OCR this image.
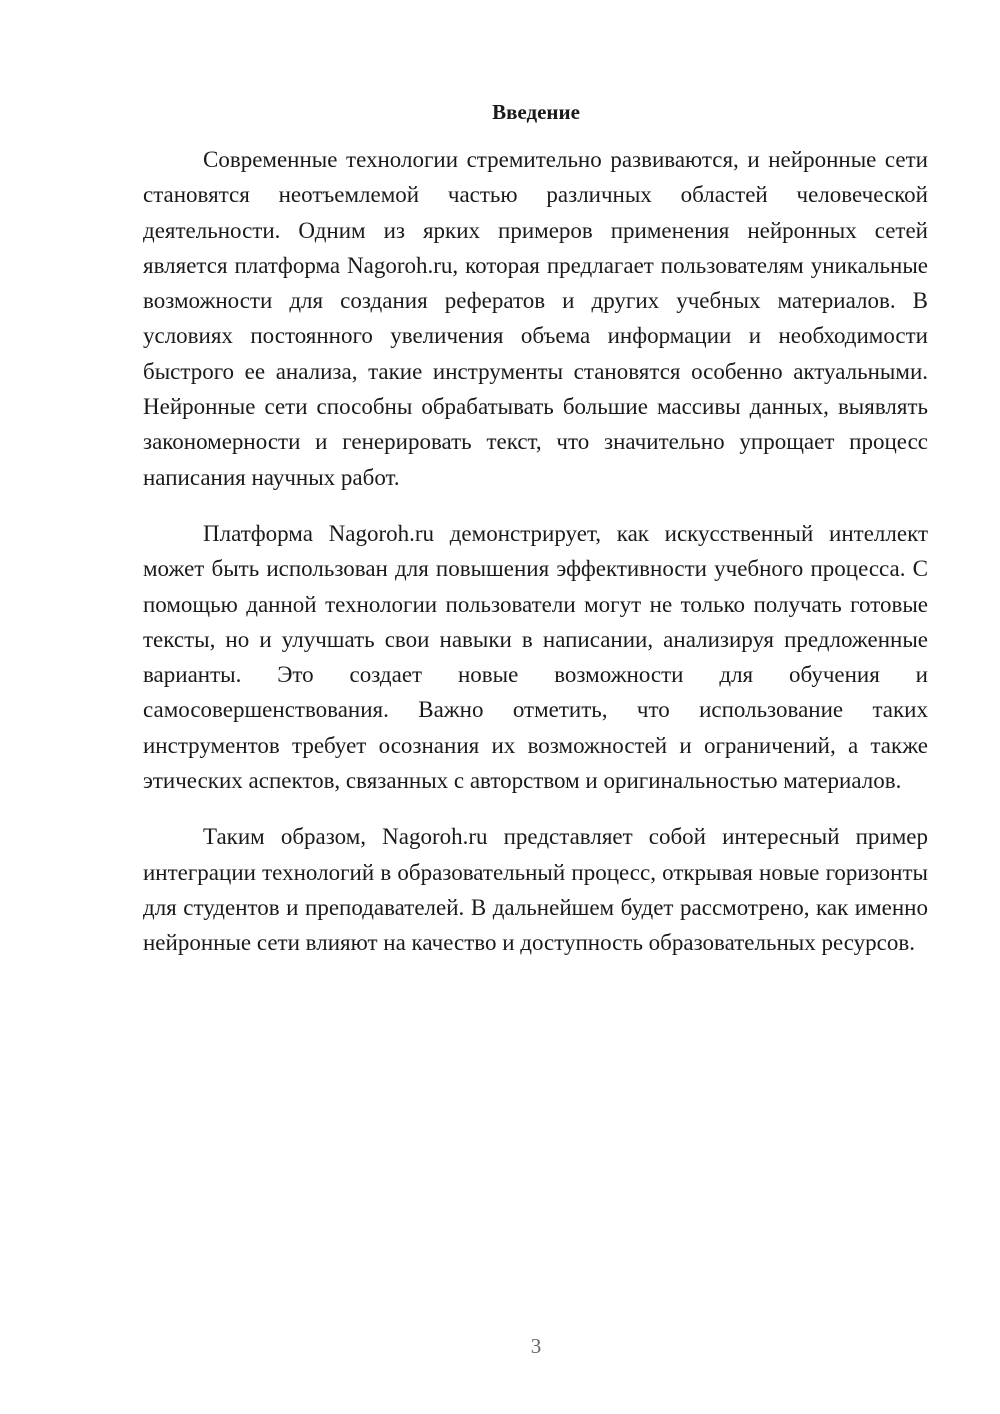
Введение

Современные технологии стремительно развиваются, и нейронные сети становятся неотъемлемой частью различных областей человеческой деятельности. Одним из ярких примеров применения нейронных сетей является платформа Nagoroh.ru, которая предлагает пользователям уникальные возможности для создания рефератов и других учебных материалов. В условиях постоянного увеличения объема информации и необходимости быстрого ее анализа, такие инструменты становятся особенно актуальными. Нейронные сети способны обрабатывать большие массивы данных, выявлять закономерности и генерировать текст, что значительно упрощает процесс написания научных работ.

Платформа Nagoroh.ru демонстрирует, как искусственный интеллект может быть использован для повышения эффективности учебного процесса. С помощью данной технологии пользователи могут не только получать готовые тексты, но и улучшать свои навыки в написании, анализируя предложенные варианты. Это создает новые возможности для обучения и самосовершенствования. Важно отметить, что использование таких инструментов требует осознания их возможностей и ограничений, а также этических аспектов, связанных с авторством и оригинальностью материалов.

Таким образом, Nagoroh.ru представляет собой интересный пример интеграции технологий в образовательный процесс, открывая новые горизонты для студентов и преподавателей. В дальнейшем будет рассмотрено, как именно нейронные сети влияют на качество и доступность образовательных ресурсов.

3
